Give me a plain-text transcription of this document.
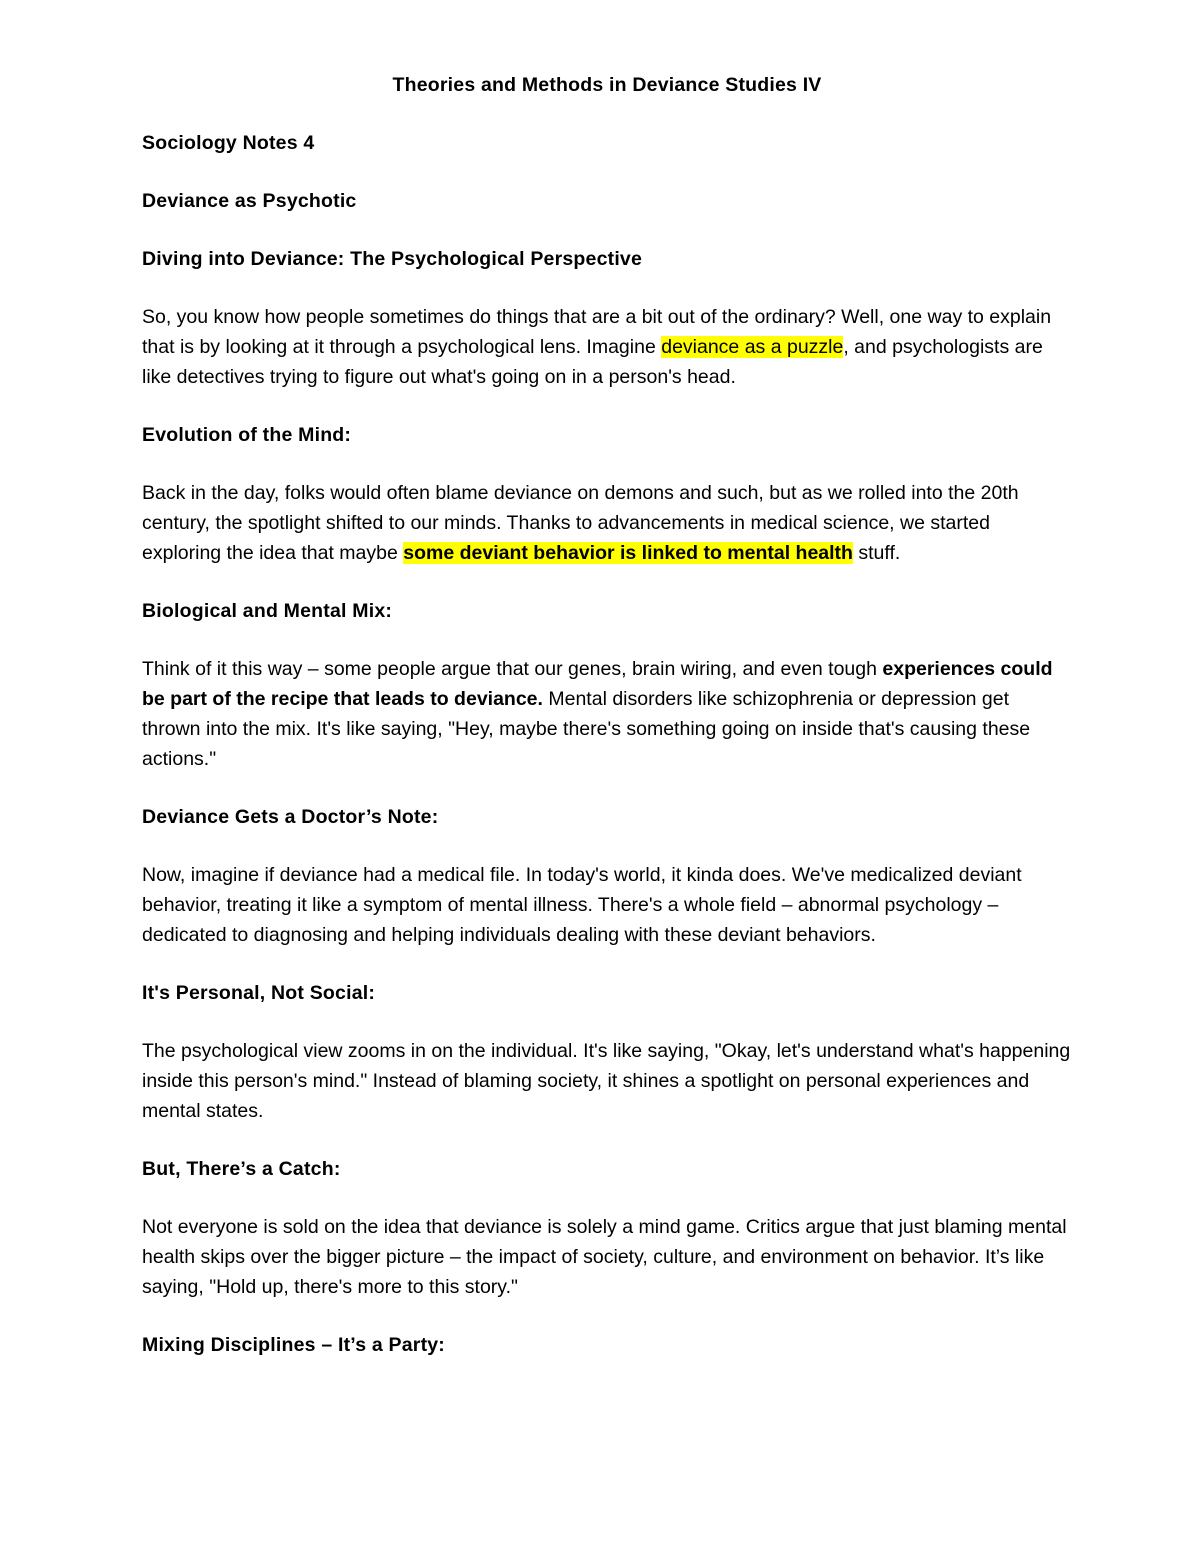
Theories and Methods in Deviance Studies IV
Sociology Notes 4
Deviance as Psychotic
Diving into Deviance: The Psychological Perspective

So, you know how people sometimes do things that are a bit out of the ordinary? Well, one way to explain that is by looking at it through a psychological lens. Imagine deviance as a puzzle, and psychologists are like detectives trying to figure out what's going on in a person's head.

Evolution of the Mind:

Back in the day, folks would often blame deviance on demons and such, but as we rolled into the 20th century, the spotlight shifted to our minds. Thanks to advancements in medical science, we started exploring the idea that maybe some deviant behavior is linked to mental health stuff.

Biological and Mental Mix:

Think of it this way – some people argue that our genes, brain wiring, and even tough experiences could be part of the recipe that leads to deviance. Mental disorders like schizophrenia or depression get thrown into the mix. It's like saying, "Hey, maybe there's something going on inside that's causing these actions."

Deviance Gets a Doctor’s Note:

Now, imagine if deviance had a medical file. In today's world, it kinda does. We've medicalized deviant behavior, treating it like a symptom of mental illness. There's a whole field – abnormal psychology – dedicated to diagnosing and helping individuals dealing with these deviant behaviors.

It's Personal, Not Social:

The psychological view zooms in on the individual. It's like saying, "Okay, let's understand what's happening inside this person's mind." Instead of blaming society, it shines a spotlight on personal experiences and mental states.

But, There’s a Catch:

Not everyone is sold on the idea that deviance is solely a mind game. Critics argue that just blaming mental health skips over the bigger picture – the impact of society, culture, and environment on behavior. It’s like saying, "Hold up, there's more to this story."

Mixing Disciplines – It’s a Party:
